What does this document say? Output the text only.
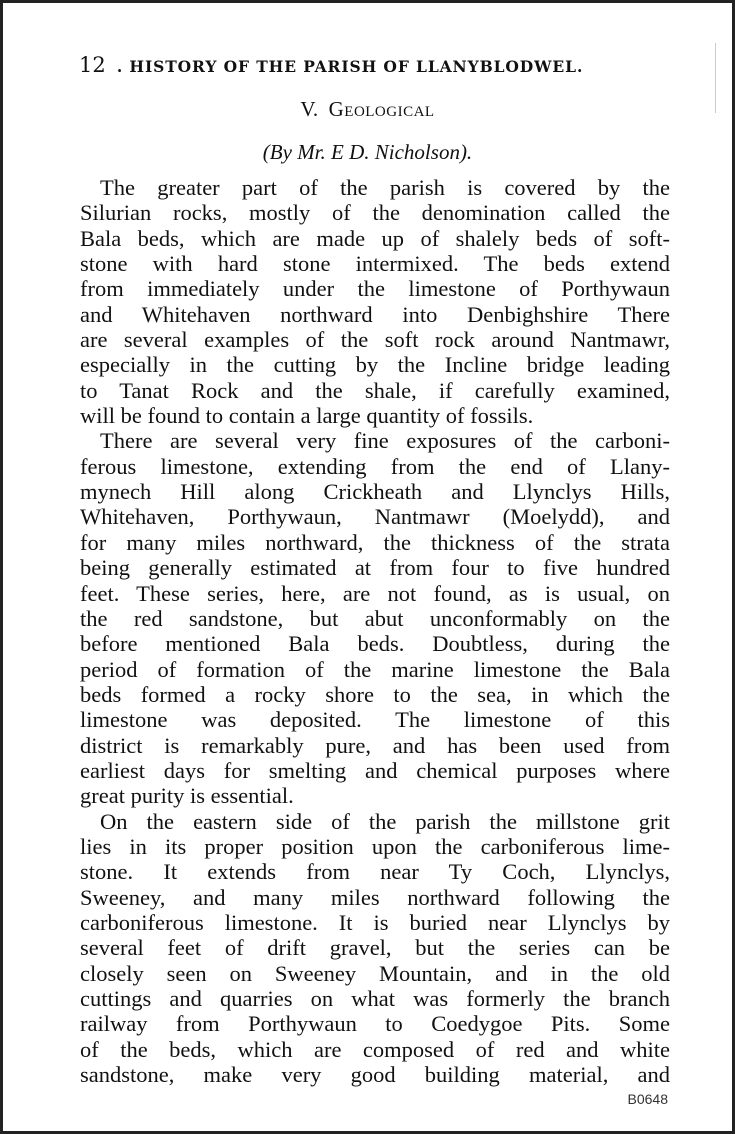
12 . HISTORY OF THE PARISH OF LLANYBLODWEL.
V. Geological
(By Mr. E D. Nicholson).
The greater part of the parish is covered by the
Silurian rocks, mostly of the denomination called the
Bala beds, which are made up of shalely beds of soft-
stone with hard stone intermixed. The beds extend
from immediately under the limestone of Porthywaun
and Whitehaven northward into Denbighshire There
are several examples of the soft rock around Nantmawr,
especially in the cutting by the Incline bridge leading
to Tanat Rock and the shale, if carefully examined,
will be found to contain a large quantity of fossils.
There are several very fine exposures of the carboni-
ferous limestone, extending from the end of Llany-
mynech Hill along Crickheath and Llynclys Hills,
Whitehaven, Porthywaun, Nantmawr (Moelydd), and
for many miles northward, the thickness of the strata
being generally estimated at from four to five hundred
feet. These series, here, are not found, as is usual, on
the red sandstone, but abut unconformably on the
before mentioned Bala beds. Doubtless, during the
period of formation of the marine limestone the Bala
beds formed a rocky shore to the sea, in which the
limestone was deposited. The limestone of this
district is remarkably pure, and has been used from
earliest days for smelting and chemical purposes where
great purity is essential.
On the eastern side of the parish the millstone grit
lies in its proper position upon the carboniferous lime-
stone. It extends from near Ty Coch, Llynclys,
Sweeney, and many miles northward following the
carboniferous limestone. It is buried near Llynclys by
several feet of drift gravel, but the series can be
closely seen on Sweeney Mountain, and in the old
cuttings and quarries on what was formerly the branch
railway from Porthywaun to Coedygoe Pits. Some
of the beds, which are composed of red and white
sandstone, make very good building material, and
B0648
